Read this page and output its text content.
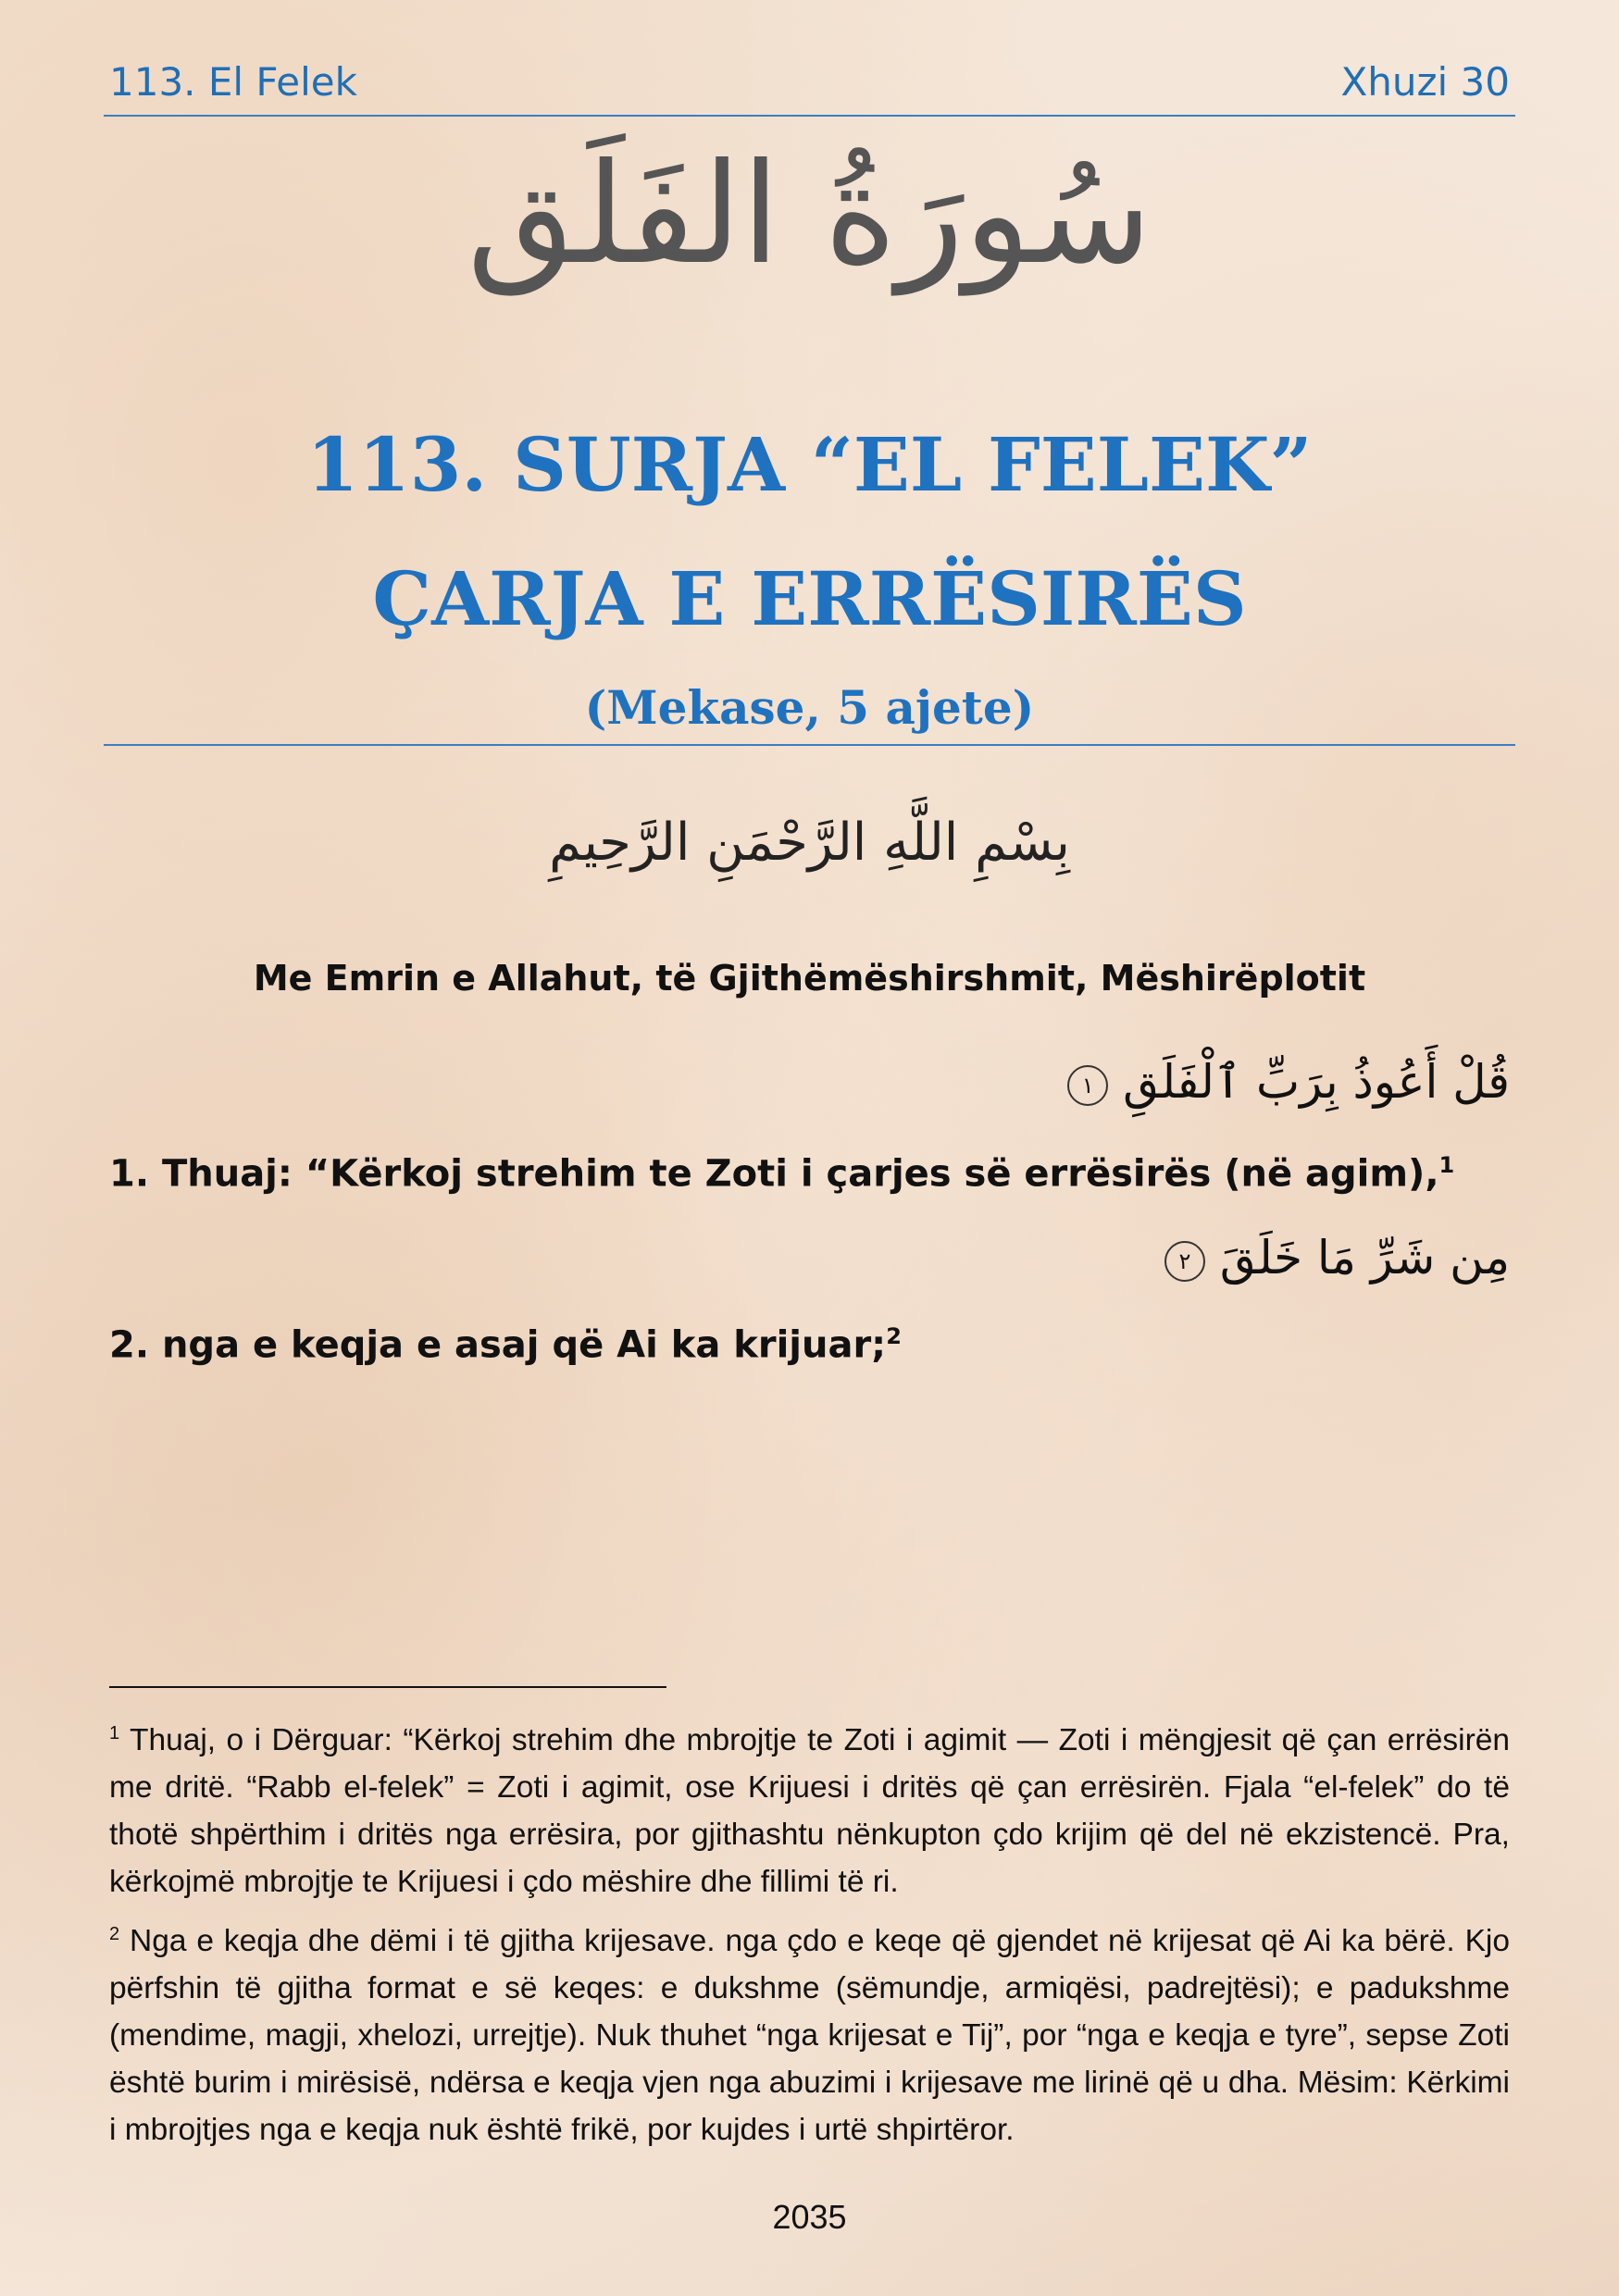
113. El Felek	Xhuzi 30
سُورَةُ الفَلَق
113. SURJA “EL FELEK”
ÇARJA E ERRËSIRËS
(Mekase, 5 ajete)
بِسْمِ اللَّهِ الرَّحْمَنِ الرَّحِيمِ
Me Emrin e Allahut, të Gjithëmëshirshmit, Mëshirëplotit
قُلْ أَعُوذُ بِرَبِّ ٱلْفَلَقِ ١
1. Thuaj: “Kërkoj strehim te Zoti i çarjes së errësirës (në agim),$^1$
مِن شَرِّ مَا خَلَقَ ٢
2. nga e keqja e asaj që Ai ka krijuar;$^2$

$^1$ Thuaj, o i Dërguar: “Kërkoj strehim dhe mbrojtje te Zoti i agimit — Zoti i mëngjesit që çan errësirën me dritë. “Rabb el-felek” = Zoti i agimit, ose Krijuesi i dritës që çan errësirën. Fjala “el-felek” do të thotë shpërthim i dritës nga errësira, por gjithashtu nënkupton çdo krijim që del në ekzistencë. Pra, kërkojmë mbrojtje te Krijuesi i çdo mëshire dhe fillimi të ri.

$^2$ Nga e keqja dhe dëmi i të gjitha krijesave. nga çdo e keqe që gjendet në krijesat që Ai ka bërë. Kjo përfshin të gjitha format e së keqes: e dukshme (sëmundje, armiqësi, padrejtësi); e padukshme (mendime, magji, xhelozi, urrejtje). Nuk thuhet “nga krijesat e Tij”, por “nga e keqja e tyre”, sepse Zoti është burim i mirësisë, ndërsa e keqja vjen nga abuzimi i krijesave me lirinë që u dha. Mësim: Kërkimi i mbrojtjes nga e keqja nuk është frikë, por kujdes i urtë shpirtëror.

2035
